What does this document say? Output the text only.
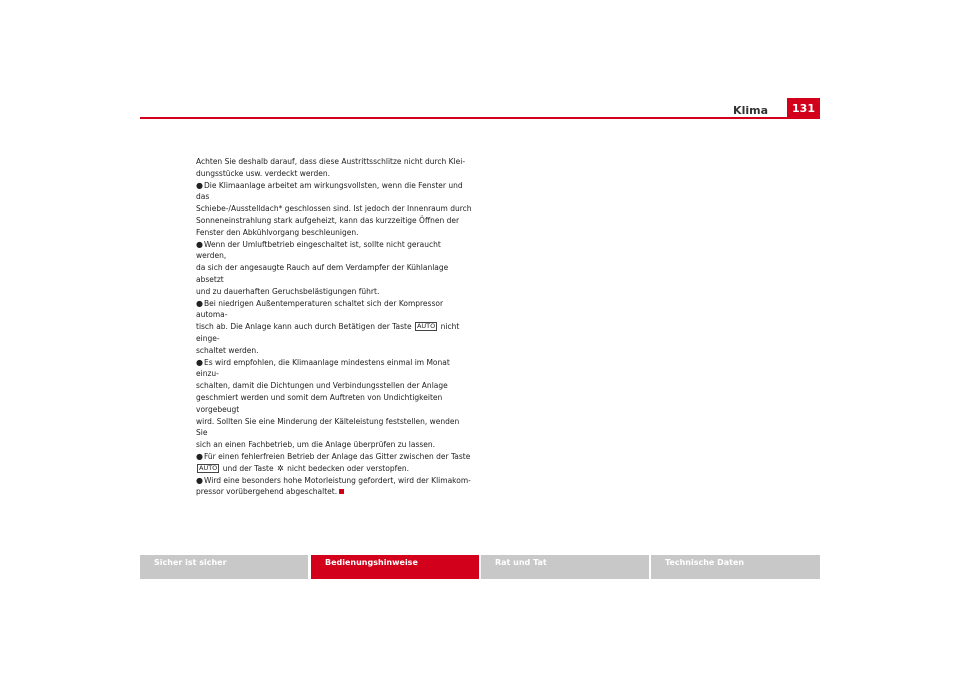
Klima	131

Achten Sie deshalb darauf, dass diese Austrittsschlitze nicht durch Klei-
dungsstücke usw. verdeckt werden.

●Die Klimaanlage arbeitet am wirkungsvollsten, wenn die Fenster und das
Schiebe-/Ausstelldach* geschlossen sind. Ist jedoch der Innenraum durch
Sonneneinstrahlung stark aufgeheizt, kann das kurzzeitige Öffnen der
Fenster den Abkühlvorgang beschleunigen.

●Wenn der Umluftbetrieb eingeschaltet ist, sollte nicht geraucht werden,
da sich der angesaugte Rauch auf dem Verdampfer der Kühlanlage absetzt
und zu dauerhaften Geruchsbelästigungen führt.

●Bei niedrigen Außentemperaturen schaltet sich der Kompressor automa-
tisch ab. Die Anlage kann auch durch Betätigen der Taste AUTO nicht einge-
schaltet werden.

●Es wird empfohlen, die Klimaanlage mindestens einmal im Monat einzu-
schalten, damit die Dichtungen und Verbindungsstellen der Anlage
geschmiert werden und somit dem Auftreten von Undichtigkeiten vorgebeugt
wird. Sollten Sie eine Minderung der Kälteleistung feststellen, wenden Sie
sich an einen Fachbetrieb, um die Anlage überprüfen zu lassen.

●Für einen fehlerfreien Betrieb der Anlage das Gitter zwischen der Taste
AUTO und der Taste ✲ nicht bedecken oder verstopfen.

●Wird eine besonders hohe Motorleistung gefordert, wird der Klimakom-
pressor vorübergehend abgeschaltet.

Sicher ist sicher	Bedienungshinweise	Rat und Tat	Technische Daten
